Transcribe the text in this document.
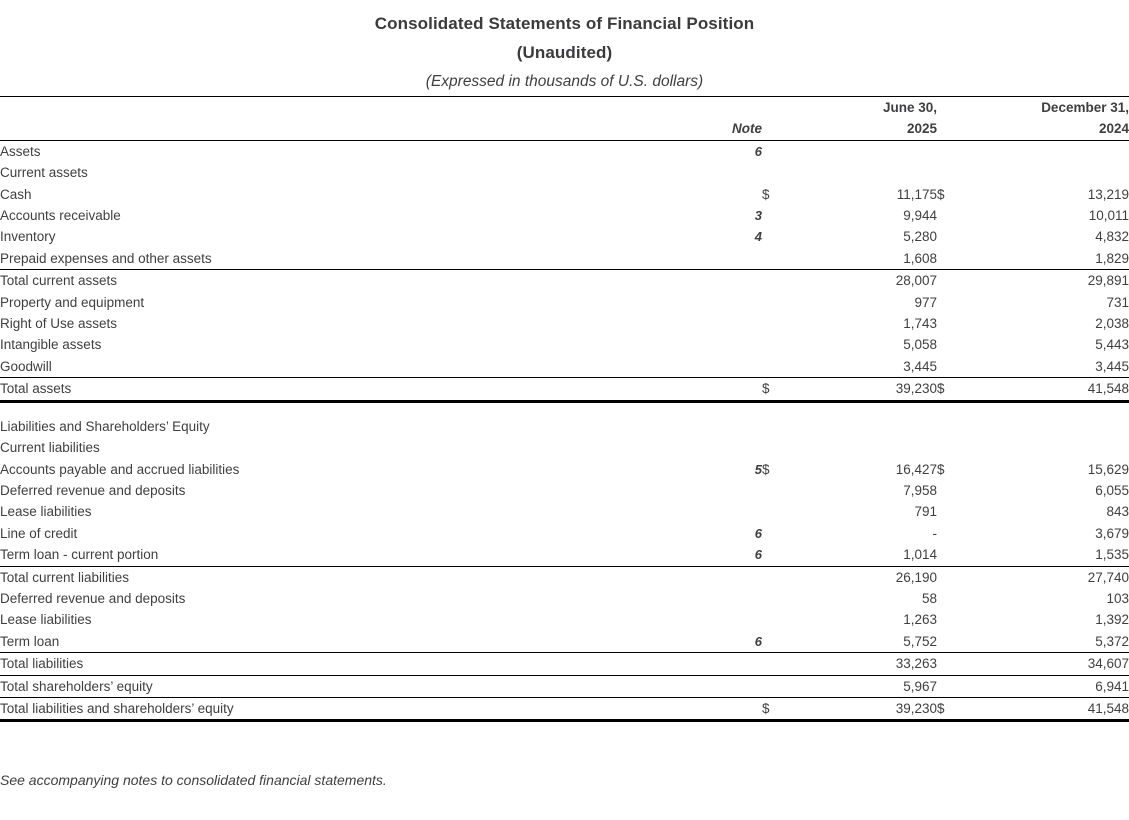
Consolidated Statements of Financial Position
(Unaudited)
(Expressed in thousands of U.S. dollars)
			June 30,		December 31,
	Note		2025		2024
Assets	6				
Current assets					
Cash		$	11,175	$	13,219
Accounts receivable	3		9,944		10,011
Inventory	4		5,280		4,832
Prepaid expenses and other assets			1,608		1,829
Total current assets			28,007		29,891
Property and equipment			977		731
Right of Use assets			1,743		2,038
Intangible assets			5,058		5,443
Goodwill			3,445		3,445
Total assets		$	39,230	$	41,548

Liabilities and Shareholders’ Equity					
Current liabilities					
Accounts payable and accrued liabilities	5	$	16,427	$	15,629
Deferred revenue and deposits			7,958		6,055
Lease liabilities			791		843
Line of credit	6		-		3,679
Term loan - current portion	6		1,014		1,535
Total current liabilities			26,190		27,740
Deferred revenue and deposits			58		103
Lease liabilities			1,263		1,392
Term loan	6		5,752		5,372
Total liabilities			33,263		34,607
Total shareholders’ equity			5,967		6,941
Total liabilities and shareholders’ equity		$	39,230	$	41,548
See accompanying notes to consolidated financial statements.
